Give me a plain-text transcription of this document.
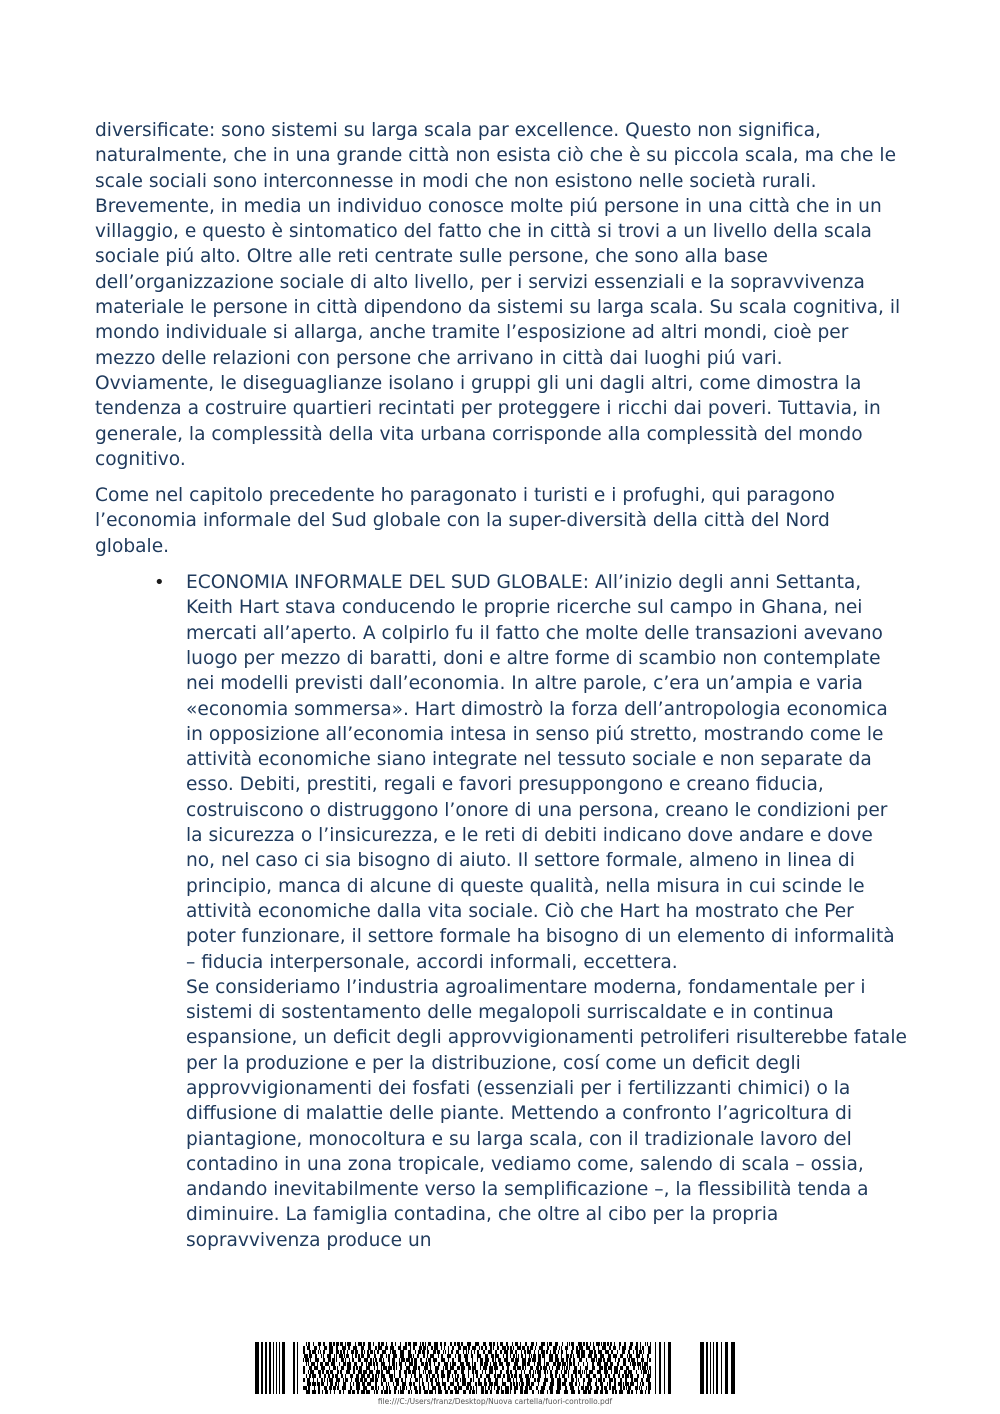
diversificate: sono sistemi su larga scala par excellence. Questo non significa, naturalmente, che in una grande città non esista ciò che è su piccola scala, ma che le scale sociali sono interconnesse in modi che non esistono nelle società rurali. Brevemente, in media un individuo conosce molte piú persone in una città che in un villaggio, e questo è sintomatico del fatto che in città si trovi a un livello della scala sociale piú alto. Oltre alle reti centrate sulle persone, che sono alla base dell’organizzazione sociale di alto livello, per i servizi essenziali e la sopravvivenza materiale le persone in città dipendono da sistemi su larga scala. Su scala cognitiva, il mondo individuale si allarga, anche tramite l’esposizione ad altri mondi, cioè per mezzo delle relazioni con persone che arrivano in città dai luoghi piú vari. Ovviamente, le diseguaglianze isolano i gruppi gli uni dagli altri, come dimostra la tendenza a costruire quartieri recintati per proteggere i ricchi dai poveri. Tuttavia, in generale, la complessità della vita urbana corrisponde alla complessità del mondo cognitivo.

Come nel capitolo precedente ho paragonato i turisti e i profughi, qui paragono l’economia informale del Sud globale con la super-diversità della città del Nord globale.

• ECONOMIA INFORMALE DEL SUD GLOBALE: All’inizio degli anni Settanta, Keith Hart stava conducendo le proprie ricerche sul campo in Ghana, nei mercati all’aperto. A colpirlo fu il fatto che molte delle transazioni avevano luogo per mezzo di baratti, doni e altre forme di scambio non contemplate nei modelli previsti dall’economia. In altre parole, c’era un’ampia e varia «economia sommersa». Hart dimostrò la forza dell’antropologia economica in opposizione all’economia intesa in senso piú stretto, mostrando come le attività economiche siano integrate nel tessuto sociale e non separate da esso. Debiti, prestiti, regali e favori presuppongono e creano fiducia, costruiscono o distruggono l’onore di una persona, creano le condizioni per la sicurezza o l’insicurezza, e le reti di debiti indicano dove andare e dove no, nel caso ci sia bisogno di aiuto. Il settore formale, almeno in linea di principio, manca di alcune di queste qualità, nella misura in cui scinde le attività economiche dalla vita sociale. Ciò che Hart ha mostrato che Per poter funzionare, il settore formale ha bisogno di un elemento di informalità – fiducia interpersonale, accordi informali, eccettera.
Se consideriamo l’industria agroalimentare moderna, fondamentale per i sistemi di sostentamento delle megalopoli surriscaldate e in continua espansione, un deficit degli approvvigionamenti petroliferi risulterebbe fatale per la produzione e per la distribuzione, cosí come un deficit degli approvvigionamenti dei fosfati (essenziali per i fertilizzanti chimici) o la diffusione di malattie delle piante. Mettendo a confronto l’agricoltura di piantagione, monocoltura e su larga scala, con il tradizionale lavoro del contadino in una zona tropicale, vediamo come, salendo di scala – ossia, andando inevitabilmente verso la semplificazione –, la flessibilità tenda a diminuire. La famiglia contadina, che oltre al cibo per la propria sopravvivenza produce un
file:///C:/Users/franz/Desktop/Nuova cartella/fuori-controllo.pdf
